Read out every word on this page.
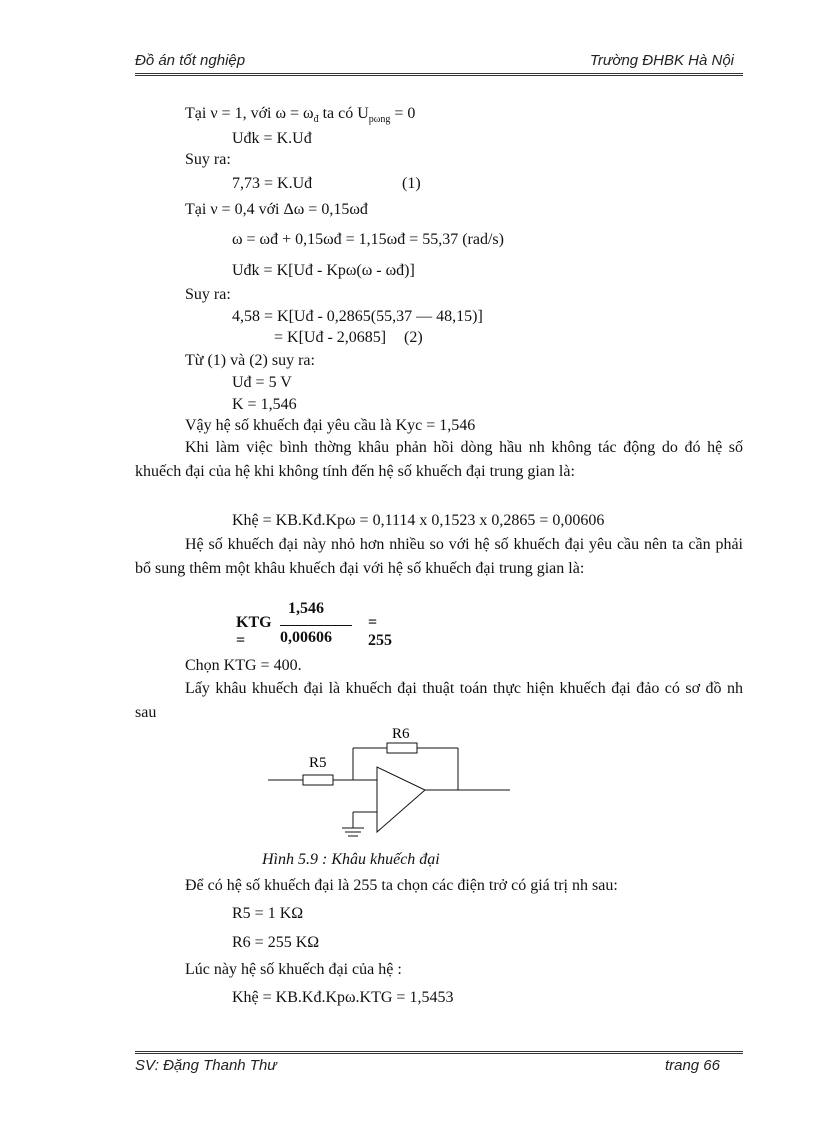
Đồ án tốt nghiệp	Trường ĐHBK Hà Nội
Tại ν = 1, với $\omega = \omega_đ$ ta có $U_{p\omega ng} = 0$
Uđk = K.Uđ
Suy ra:
7,73 = K.Uđ	(1)
Tại ν = 0,4 với Δω = 0,15ωđ
ω = ωđ + 0,15ωđ = 1,15ωđ = 55,37 (rad/s)
Uđk = K[Uđ - Kpω(ω - ωđ)]
Suy ra:
4,58 = K[Uđ - 0,2865(55,37 — 48,15)]
= K[Uđ - 2,0685] (2)
Từ (1) và (2) suy ra:
Uđ = 5 V
K = 1,546
Vậy hệ số khuếch đại yêu cầu là Kyc = 1,546
Khi làm việc bình thờng khâu phản hồi dòng hầu nh không tác động do đó hệ số khuếch đại của hệ khi không tính đến hệ số khuếch đại trung gian là:
Khệ = KB.Kđ.Kpω = 0,1114 x 0,1523 x 0,2865 = 0,00606
Hệ số khuếch đại này nhỏ hơn nhiều so với hệ số khuếch đại yêu cầu nên ta cần phải bổ sung thêm một khâu khuếch đại với hệ số khuếch đại trung gian là:
KTG =
1,546
0,00606
= 255
Chọn KTG = 400.
Lấy khâu khuếch đại là khuếch đại thuật toán thực hiện khuếch đại đảo có sơ đồ nh sau
R5
R6
Hình 5.9 : Khâu khuếch đại
Để có hệ số khuếch đại là 255 ta chọn các điện trở có giá trị nh sau:
R5 = 1 KΩ
R6 = 255 KΩ
Lúc này hệ số khuếch đại của hệ :
Khệ = KB.Kđ.Kpω.KTG = 1,5453
SV: Đặng Thanh Thư	trang 66
